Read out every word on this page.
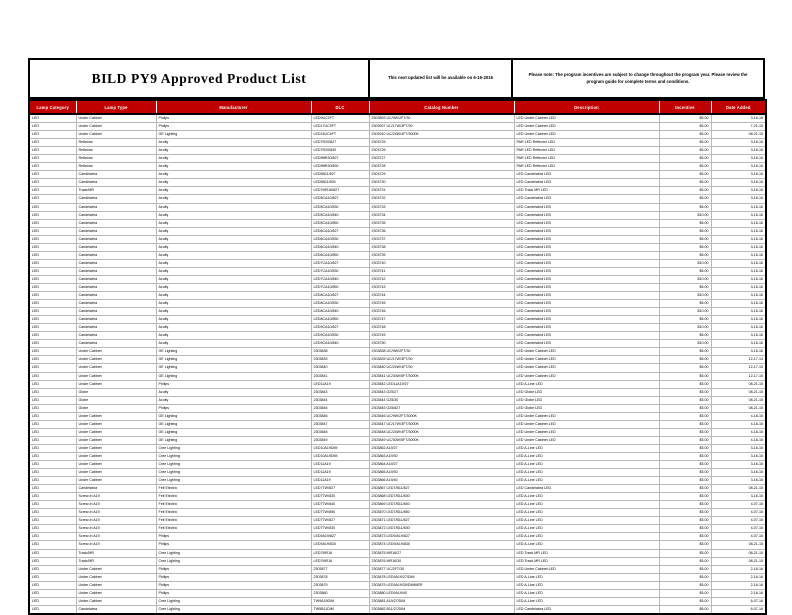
BILD PY9 Approved Product List	This next updated list will be available on 6-15-2016
Please note: The program incentives are subject to change throughout the program year. Please review the program guide for complete terms and conditions.
Lamp Category	Lamp Type	Manufacturer	DLC	Catalog Number	Description	Incentive	Date Added
LED	Under Cabinet	Philips	LED9UC2FT	2303893 UC/9W/2FT/30	LED Under Cabinet LED	$5.00	3-16-16
LED	Under Cabinet	Philips	LED17UC3FT	2303907 UC/17W/3FT/30	LED Under Cabinet LED	$5.00	7-21-15
LED	Under Cabinet	GE Lighting	LED24UC4FT	2303910 UC/24W/4FT/3000K	LED Under Cabinet LED	$5.00	08-21-15
LED	Reflector	Acuity	LED7R20/827	2303725	PAR LED Reflector LED	$5.00	3-16-16
LED	Reflector	Acuity	LED7R20/830	2303726	PAR LED Reflector LED	$5.00	3-16-16
LED	Reflector	Acuity	LED9BR30/827	2303727	PAR LED Reflector LED	$5.00	3-16-16
LED	Reflector	Acuity	LED9BR30/830	2303728	PAR LED Reflector LED	$5.00	3-16-16
LED	Candelabra	Acuity	LED5B11/827	2303729	LED Candelabra LED	$5.00	3-16-16
LED	Candelabra	Acuity	LED5B11/830	2303730	LED Candelabra LED	$5.00	3-16-16
LED	Track/MR	Acuity	LED7MR16/827	2303731	LED Track MR LED	$5.00	3-16-16
LED	Candelabra	Acuity	LED5CA10/827	2303732	LED Candelabra LED	$5.00	3-16-16
LED	Candelabra	Acuity	LED5CA10/830	2303733	LED Candelabra LED	$5.00	3-16-16
LED	Candelabra	Acuity	LED5CA10/840	2303734	LED Candelabra LED	$10.00	3-16-16
LED	Candelabra	Acuity	LED5CA10/850	2303735	LED Candelabra LED	$5.00	3-16-16
LED	Candelabra	Acuity	LED6CA10/827	2303736	LED Candelabra LED	$5.00	3-16-16
LED	Candelabra	Acuity	LED6CA10/830	2303737	LED Candelabra LED	$5.00	3-16-16
LED	Candelabra	Acuity	LED6CA10/840	2303738	LED Candelabra LED	$5.00	3-16-16
LED	Candelabra	Acuity	LED6CA10/850	2303739	LED Candelabra LED	$5.00	3-16-16
LED	Candelabra	Acuity	LED7CA10/827	2303740	LED Candelabra LED	$10.00	3-16-16
LED	Candelabra	Acuity	LED7CA10/830	2303741	LED Candelabra LED	$5.00	3-16-16
LED	Candelabra	Acuity	LED7CA10/840	2303742	LED Candelabra LED	$10.00	3-16-16
LED	Candelabra	Acuity	LED7CA10/850	2303743	LED Candelabra LED	$5.00	3-16-16
LED	Candelabra	Acuity	LED8CA10/827	2303744	LED Candelabra LED	$10.00	3-16-16
LED	Candelabra	Acuity	LED8CA10/830	2303745	LED Candelabra LED	$5.00	3-16-16
LED	Candelabra	Acuity	LED8CA10/840	2303746	LED Candelabra LED	$10.00	3-16-16
LED	Candelabra	Acuity	LED8CA10/850	2303747	LED Candelabra LED	$5.00	3-16-16
LED	Candelabra	Acuity	LED9CA10/827	2303748	LED Candelabra LED	$10.00	3-16-16
LED	Candelabra	Acuity	LED9CA10/830	2303749	LED Candelabra LED	$5.00	3-16-16
LED	Candelabra	Acuity	LED9CA10/840	2303750	LED Candelabra LED	$10.00	3-16-16
LED	Under Cabinet	GE Lighting	2303838	2303838 UC/9W/2FT/30	LED Under Cabinet LED	$5.00	3-16-16
LED	Under Cabinet	GE Lighting	2303839	2303839 UC/17W/3FT/30	LED Under Cabinet LED	$5.00	12-17-14
LED	Under Cabinet	GE Lighting	2303840	2303840 UC/24W/4FT/30	LED Under Cabinet LED	$5.00	12-17-15
LED	Under Cabinet	GE Lighting	2303841	2303841 UC/30W/5FT/3000K	LED Under Cabinet LED	$5.00	12-17-15
LED	Under Cabinet	Philips	LED11A19	2303842 LED11A19/27	LED A-Line LED	$5.00	08-21-15
LED	Globe	Acuity	2303843	2303843 G25/27	LED Globe LED	$5.00	08-21-15
LED	Globe	Acuity	2303844	2303844 G25/30	LED Globe LED	$5.00	08-21-15
LED	Globe	Philips	2303845	2303845 G25/827	LED Globe LED	$5.00	08-21-15
LED	Under Cabinet	GE Lighting	2303846	2303846 UC/9W/2FT/3000K	LED Under Cabinet LED	$5.00	4-18-16
LED	Under Cabinet	GE Lighting	2303847	2303847 UC/17W/3FT/3000K	LED Under Cabinet LED	$5.00	4-18-16
LED	Under Cabinet	GE Lighting	2303848	2303848 UC/24W/4FT/3000K	LED Under Cabinet LED	$5.00	4-18-16
LED	Under Cabinet	GE Lighting	2303849	2303849 UC/30W/5FT/3000K	LED Under Cabinet LED	$5.00	4-18-16
LED	Under Cabinet	Cree Lighting	LED10A19DIM	2303862 A19/27	LED A-Line LED	$5.00	3-16-16
LED	Under Cabinet	Cree Lighting	LED10A19DIM	2303863 A19/30	LED A-Line LED	$5.00	3-16-16
LED	Under Cabinet	Cree Lighting	LED11A19	2303864 A19/27	LED A-Line LED	$5.00	3-16-16
LED	Under Cabinet	Cree Lighting	LED11A19	2303865 A19/30	LED A-Line LED	$5.00	3-16-16
LED	Under Cabinet	Cree Lighting	LED11A19	2303866 A19/40	LED A-Line LED	$5.00	3-16-16
LED	Candelabra	Feit Electric	LED7TW/827	2303867 LED7/B11/827	LED Candelabra LED	$5.00	08-21-15
LED	Screw-in A19	Feit Electric	LED7TW/830	2303868 LED7/B11/830	LED A-Line LED	$5.00	3-16-16
LED	Screw-in A19	Feit Electric	LED7TW/840	2303869 LED7/B11/840	LED A-Line LED	$5.00	4-07-16
LED	Screw-in A19	Feit Electric	LED7TW/850	2303870 LED7/B11/850	LED A-Line LED	$5.00	4-07-16
LED	Screw-in A19	Feit Electric	LED7TW/827	2303871 LED7/B11/827	LED A-Line LED	$5.00	4-07-16
LED	Screw-in A19	Feit Electric	LED7TW/830	2303872 LED7/B11/830	LED A-Line LED	$5.00	4-07-16
LED	Screw-in A19	Philips	LED9A19/827	2303873 LED9/A19/827	LED A-Line LED	$5.00	4-07-16
LED	Screw-in A19	Philips	LED9A19/830	2303874 LED9/A19/830	LED A-Line LED	$5.00	08-21-15
LED	Track/MR	Cree Lighting	LED7MR16	2303875 MR16/27	LED Track MR LED	$5.00	08-21-15
LED	Track/MR	Cree Lighting	LED7MR16	2303876 MR16/30	LED Track MR LED	$5.00	08-21-15
LED	Under Cabinet	Philips	2303877	2303877 UC/2FT/30	LED Under Cabinet LED	$5.00	2-16-16
LED	Under Cabinet	Philips	2303878	2303878 LED9A19/27/DIM	LED A-Line LED	$5.00	2-16-16
LED	Under Cabinet	Philips	2303879	2303879 LED9A19/30/DIMMER	LED A-Line LED	$5.00	2-16-16
LED	Under Cabinet	Philips	2303880	2303880 LED9A19/40	LED A-Line LED	$5.00	2-16-16
LED	Under Cabinet	Cree Lighting	TW9A19DIM	2303881 A19/27/DIM	LED A-Line LED	$5.00	6-07-16
LED	Candelabra	Cree Lighting	TW5B11DIM	2303882 B11/27/DIM	LED Candelabra LED	$5.00	6-07-16
